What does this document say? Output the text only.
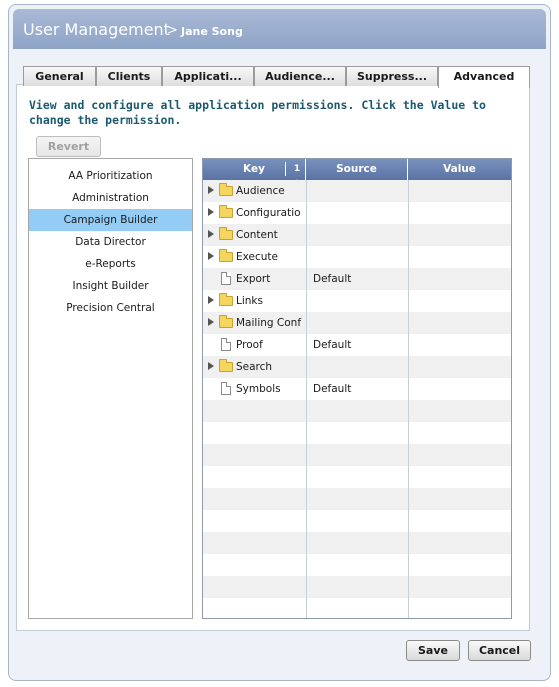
User Management
> Jane Song
General	Clients	Applicati...	Audience...	Suppress...	Advanced
View and configure all application permissions. Click the Value to change the permission.
Revert
AA Prioritization
Administration
Campaign Builder
Data Director
e-Reports
Insight Builder
Precision Central
Key	1	Source	Value
Audience
Configuratio
Content
Execute
Export	Default
Links
Mailing Conf
Proof	Default
Search
Symbols	Default
Save	Cancel
